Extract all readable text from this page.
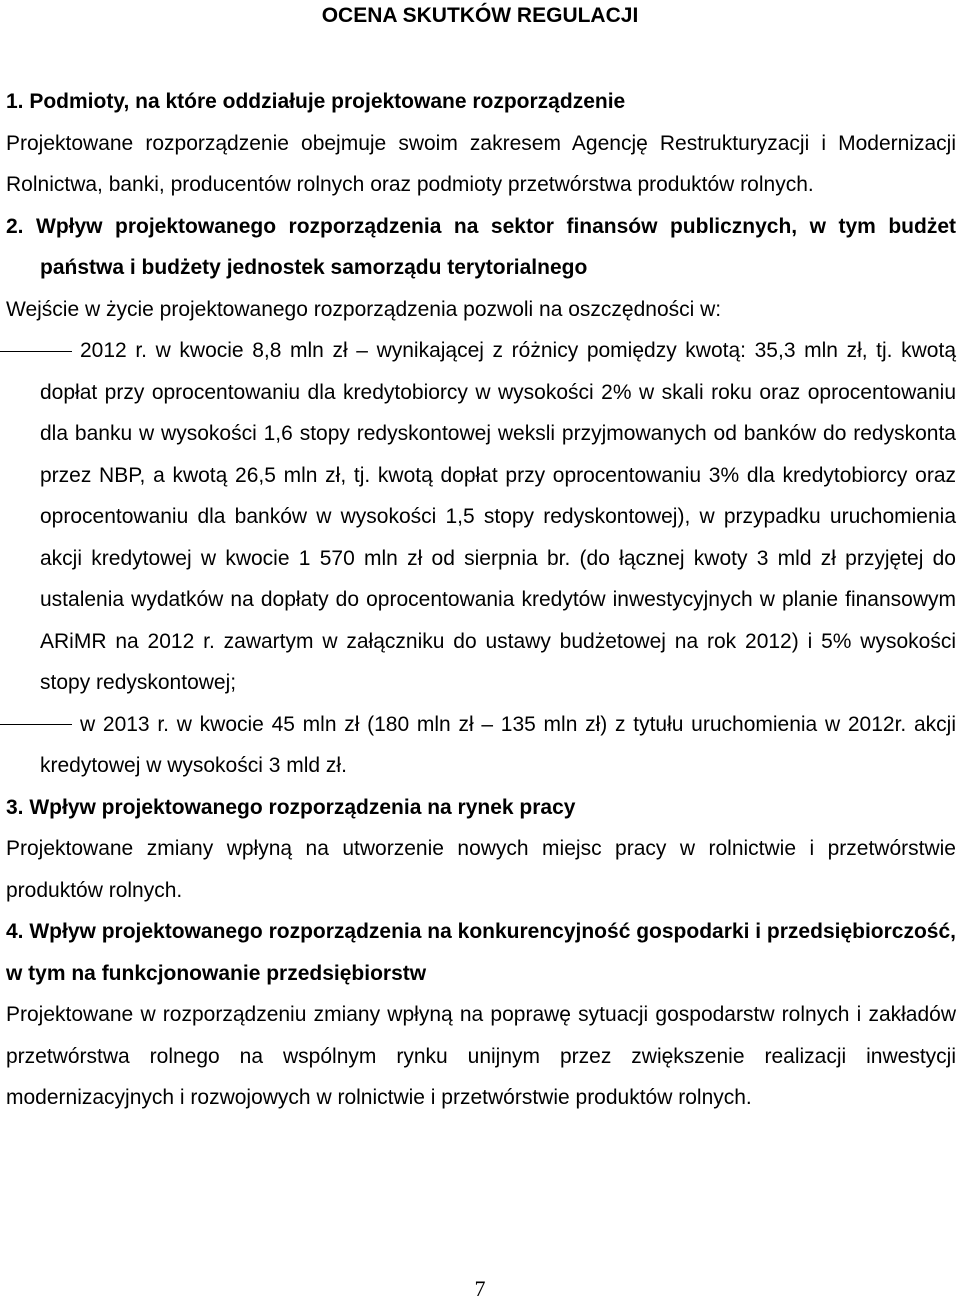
OCENA SKUTKÓW REGULACJI
1. Podmioty, na które oddziałuje projektowane rozporządzenie
Projektowane rozporządzenie obejmuje swoim zakresem Agencję Restrukturyzacji i Modernizacji Rolnictwa, banki, producentów rolnych oraz podmioty przetwórstwa produktów rolnych.
2. Wpływ projektowanego rozporządzenia na sektor finansów publicznych, w tym budżet państwa i budżety jednostek samorządu terytorialnego
Wejście w życie projektowanego rozporządzenia pozwoli na oszczędności w:
2012 r. w kwocie 8,8 mln zł – wynikającej z różnicy pomiędzy kwotą: 35,3 mln zł, tj. kwotą dopłat przy oprocentowaniu dla kredytobiorcy w wysokości 2% w skali roku oraz oprocentowaniu dla banku w wysokości 1,6 stopy redyskontowej weksli przyjmowanych od banków do redyskonta przez NBP, a kwotą 26,5 mln zł, tj. kwotą dopłat przy oprocentowaniu 3% dla kredytobiorcy oraz oprocentowaniu dla banków w wysokości 1,5 stopy redyskontowej), w przypadku uruchomienia akcji kredytowej w kwocie 1 570 mln zł od sierpnia br. (do łącznej kwoty 3 mld zł przyjętej do ustalenia wydatków na dopłaty do oprocentowania kredytów inwestycyjnych w planie finansowym ARiMR na 2012 r. zawartym w załączniku do ustawy budżetowej na rok 2012) i 5% wysokości stopy redyskontowej;
w 2013 r. w kwocie 45 mln zł (180 mln zł – 135 mln zł) z tytułu uruchomienia w 2012r. akcji kredytowej w wysokości 3 mld zł.
3. Wpływ projektowanego rozporządzenia na rynek pracy
Projektowane zmiany wpłyną na utworzenie nowych miejsc pracy w rolnictwie i przetwórstwie produktów rolnych.
4. Wpływ projektowanego rozporządzenia na konkurencyjność gospodarki i przedsiębiorczość, w tym na funkcjonowanie przedsiębiorstw
Projektowane w rozporządzeniu zmiany wpłyną na poprawę sytuacji gospodarstw rolnych i zakładów przetwórstwa rolnego na wspólnym rynku unijnym przez zwiększenie realizacji inwestycji modernizacyjnych i rozwojowych w rolnictwie i przetwórstwie produktów rolnych.
7
